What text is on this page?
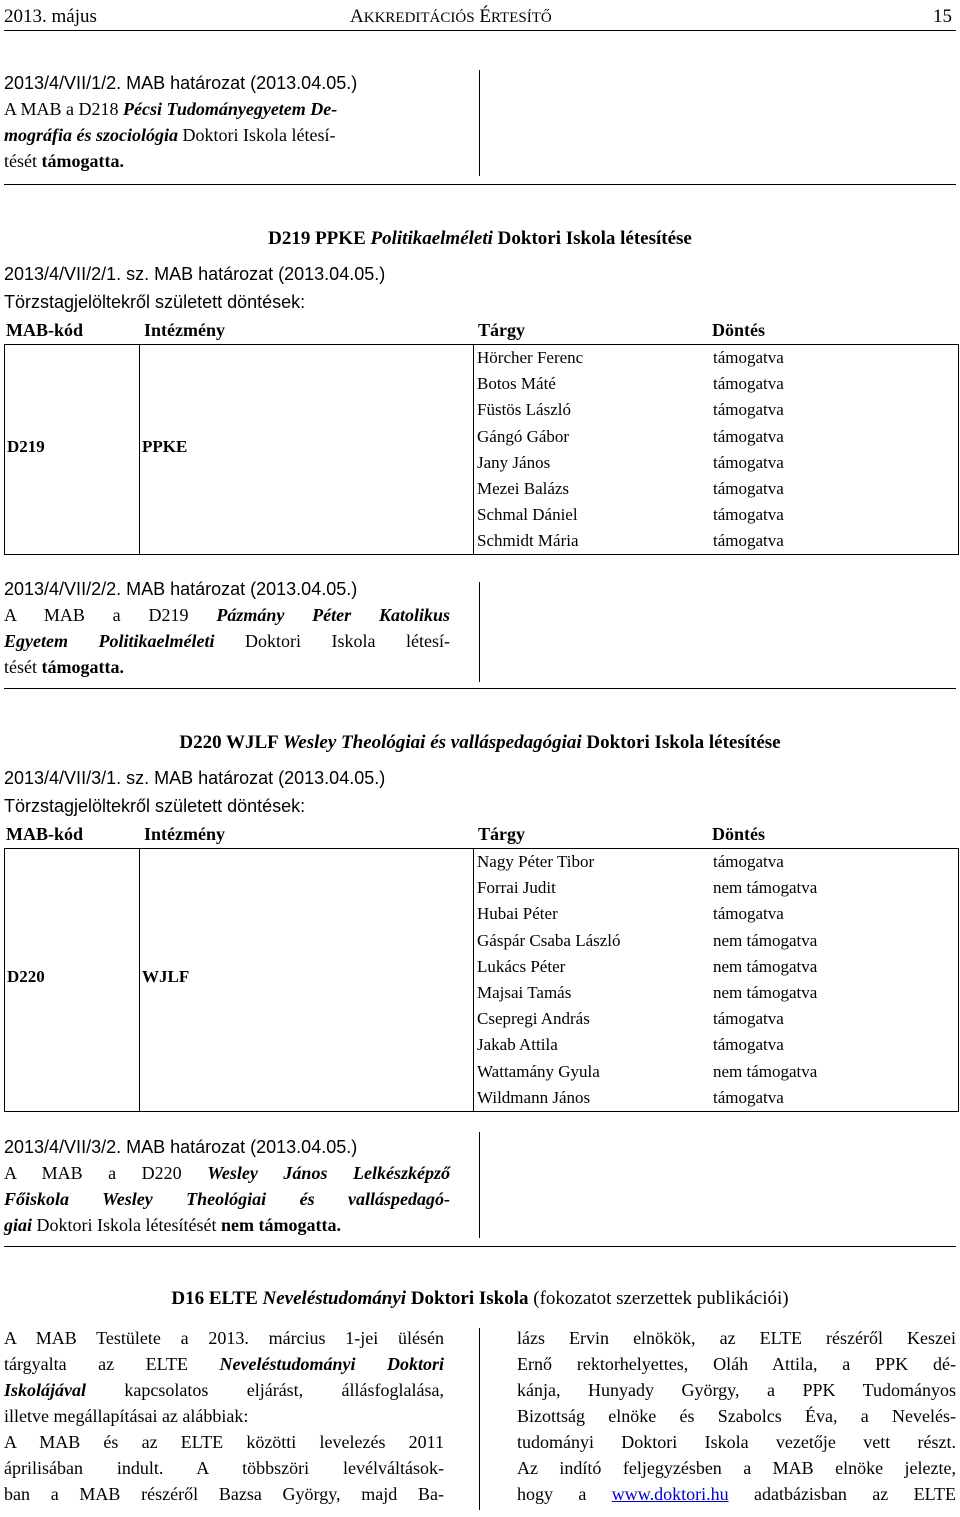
2013. május	AKKREDITÁCIÓS ÉRTESÍTŐ	15
2013/4/VII/1/2. MAB határozat (2013.04.05.)
A MAB a D218 Pécsi Tudományegyetem De-
mográfia és szociológia Doktori Iskola létesí-
tését támogatta.
D219 PPKE Politikaelméleti Doktori Iskola létesítése
2013/4/VII/2/1. sz. MAB határozat (2013.04.05.)
Törzstagjelöltekről született döntések:
MAB-kód	Intézmény	Tárgy	Döntés
D219	PPKE
Hörcher Ferenc	támogatva
Botos Máté	támogatva
Füstös László	támogatva
Gángó Gábor	támogatva
Jany János	támogatva
Mezei Balázs	támogatva
Schmal Dániel	támogatva
Schmidt Mária	támogatva
2013/4/VII/2/2. MAB határozat (2013.04.05.)
A MAB a D219 Pázmány Péter Katolikus
Egyetem Politikaelméleti Doktori Iskola létesí-
tését támogatta.
D220 WJLF Wesley Theológiai és valláspedagógiai Doktori Iskola létesítése
2013/4/VII/3/1. sz. MAB határozat (2013.04.05.)
Törzstagjelöltekről született döntések:
MAB-kód	Intézmény	Tárgy	Döntés
D220	WJLF
Nagy Péter Tibor	támogatva
Forrai Judit	nem támogatva
Hubai Péter	támogatva
Gáspár Csaba László	nem támogatva
Lukács Péter	nem támogatva
Majsai Tamás	nem támogatva
Csepregi András	támogatva
Jakab Attila	támogatva
Wattamány Gyula	nem támogatva
Wildmann János	támogatva
2013/4/VII/3/2. MAB határozat (2013.04.05.)
A MAB a D220 Wesley János Lelkészképző
Főiskola Wesley Theológiai és valláspedagó-
giai Doktori Iskola létesítését nem támogatta.
D16 ELTE Neveléstudományi Doktori Iskola (fokozatot szerzettek publikációi)
A MAB Testülete a 2013. március 1-jei ülésén
tárgyalta az ELTE Neveléstudományi Doktori
Iskolájával kapcsolatos eljárást, állásfoglalása,
illetve megállapításai az alábbiak:
A MAB és az ELTE közötti levelezés 2011
áprilisában indult. A többszöri levélváltások-
ban a MAB részéről Bazsa György, majd Ba-
lázs Ervin elnökök, az ELTE részéről Keszei
Ernő rektorhelyettes, Oláh Attila, a PPK dé-
kánja, Hunyady György, a PPK Tudományos
Bizottság elnöke és Szabolcs Éva, a Nevelés-
tudományi Doktori Iskola vezetője vett részt.
Az indító feljegyzésben a MAB elnöke jelezte,
hogy a www.doktori.hu adatbázisban az ELTE
